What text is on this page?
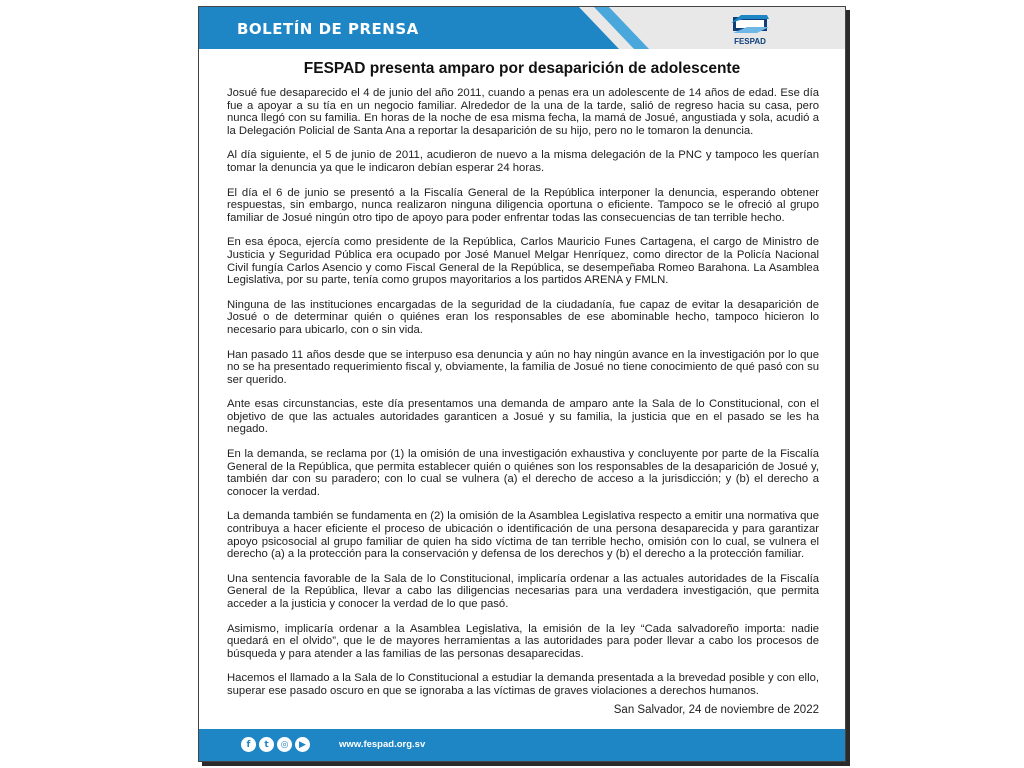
BOLETÍN DE PRENSA
FESPAD
FESPAD presenta amparo por desaparición de adolescente

Josué fue desaparecido el 4 de junio del año 2011, cuando a penas era un adolescente de 14 años de edad. Ese día fue a apoyar a su tía en un negocio familiar. Alrededor de la una de la tarde, salió de regreso hacia su casa, pero nunca llegó con su familia. En horas de la noche de esa misma fecha, la mamá de Josué, angustiada y sola, acudió a la Delegación Policial de Santa Ana a reportar la desaparición de su hijo, pero no le tomaron la denuncia.

Al día siguiente, el 5 de junio de 2011, acudieron de nuevo a la misma delegación de la PNC y tampoco les querían tomar la denuncia ya que le indicaron debían esperar 24 horas.

El día el 6 de junio se presentó a la Fiscalía General de la República interponer la denuncia, esperando obtener respuestas, sin embargo, nunca realizaron ninguna diligencia oportuna o eficiente. Tampoco se le ofreció al grupo familiar de Josué ningún otro tipo de apoyo para poder enfrentar todas las consecuencias de tan terrible hecho.

En esa época, ejercía como presidente de la República, Carlos Mauricio Funes Cartagena, el cargo de Ministro de Justicia y Seguridad Pública era ocupado por José Manuel Melgar Henríquez, como director de la Policía Nacional Civil fungía Carlos Asencio y como Fiscal General de la República, se desempeñaba Romeo Barahona. La Asamblea Legislativa, por su parte, tenía como grupos mayoritarios a los partidos ARENA y FMLN.

Ninguna de las instituciones encargadas de la seguridad de la ciudadanía, fue capaz de evitar la desaparición de Josué o de determinar quién o quiénes eran los responsables de ese abominable hecho, tampoco hicieron lo necesario para ubicarlo, con o sin vida.

Han pasado 11 años desde que se interpuso esa denuncia y aún no hay ningún avance en la investigación por lo que no se ha presentado requerimiento fiscal y, obviamente, la familia de Josué no tiene conocimiento de qué pasó con su ser querido.

Ante esas circunstancias, este día presentamos una demanda de amparo ante la Sala de lo Constitucional, con el objetivo de que las actuales autoridades garanticen a Josué y su familia, la justicia que en el pasado se les ha negado.

En la demanda, se reclama por (1) la omisión de una investigación exhaustiva y concluyente por parte de la Fiscalía General de la República, que permita establecer quién o quiénes son los responsables de la desaparición de Josué y, también dar con su paradero; con lo cual se vulnera (a) el derecho de acceso a la jurisdicción; y (b) el derecho a conocer la verdad.

La demanda también se fundamenta en (2) la omisión de la Asamblea Legislativa respecto a emitir una normativa que contribuya a hacer eficiente el proceso de ubicación o identificación de una persona desaparecida y para garantizar apoyo psicosocial al grupo familiar de quien ha sido víctima de tan terrible hecho, omisión con lo cual, se vulnera el derecho (a) a la protección para la conservación y defensa de los derechos y (b) el derecho a la protección familiar.

Una sentencia favorable de la Sala de lo Constitucional, implicaría ordenar a las actuales autoridades de la Fiscalía General de la República, llevar a cabo las diligencias necesarias para una verdadera investigación, que permita acceder a la justicia y conocer la verdad de lo que pasó.

Asimismo, implicaría ordenar a la Asamblea Legislativa, la emisión de la ley “Cada salvadoreño importa: nadie quedará en el olvido”, que le de mayores herramientas a las autoridades para poder llevar a cabo los procesos de búsqueda y para atender a las familias de las personas desaparecidas.

Hacemos el llamado a la Sala de lo Constitucional a estudiar la demanda presentada a la brevedad posible y con ello, superar ese pasado oscuro en que se ignoraba a las víctimas de graves violaciones a derechos humanos.

San Salvador, 24 de noviembre de 2022
f	t	◎	▶	www.fespad.org.sv
